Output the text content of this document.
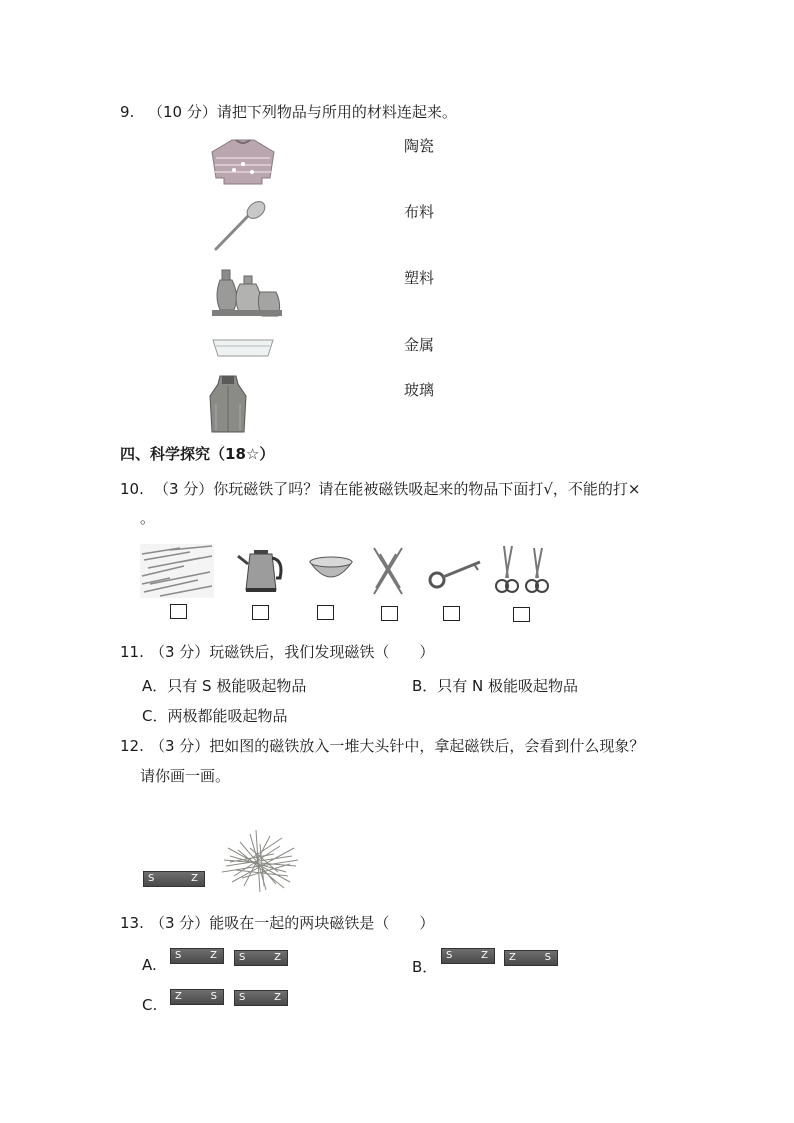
9. （10 分）请把下列物品与所用的材料连起来。
陶瓷
布料
塑料
金属
玻璃
四、科学探究（18☆）
10. （3 分）你玩磁铁了吗？请在能被磁铁吸起来的物品下面打√，不能的打×
。
11. （3 分）玩磁铁后，我们发现磁铁（　　）
A．只有 S 极能吸起物品	B．只有 N 极能吸起物品
C．两极都能吸起物品
12. （3 分）把如图的磁铁放入一堆大头针中，拿起磁铁后，会看到什么现象？
请你画一画。
S	Z
13. （3 分）能吸在一起的两块磁铁是（　　）
A.
S	Z S	Z
B．
S	Z Z	S
C. Z	S S	Z
